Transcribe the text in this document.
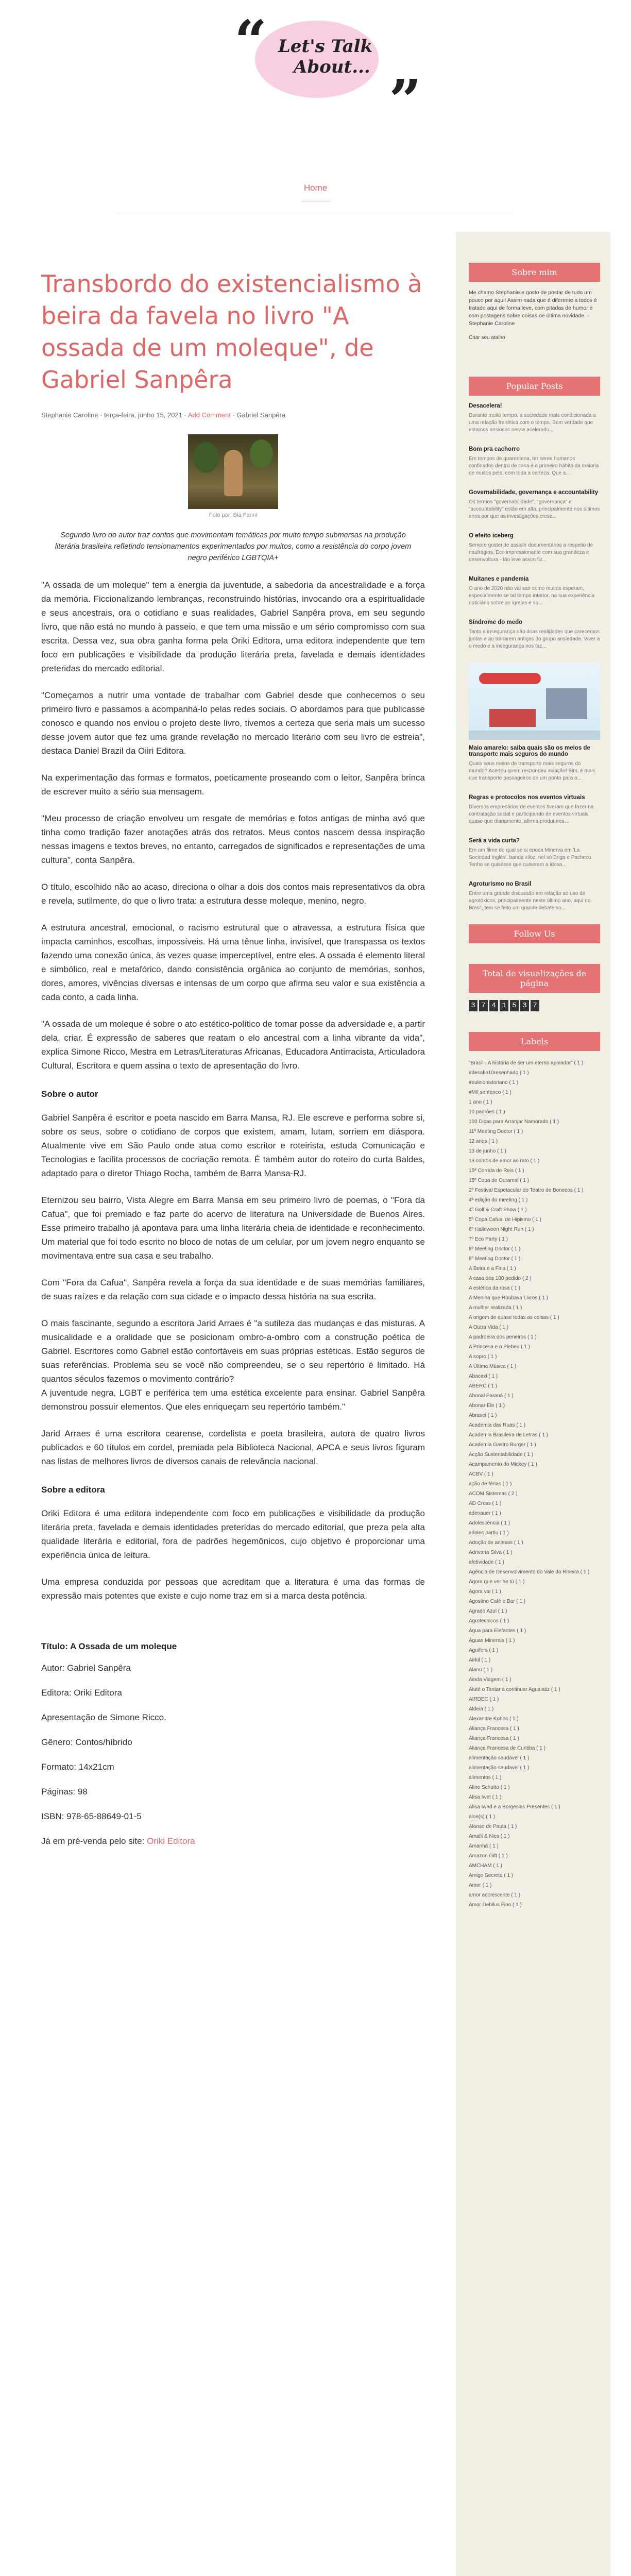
“ Let's Talk
About... ”
Home
Transbordo do existencialismo à beira da favela no livro "A ossada de um moleque", de Gabriel Sanpêra
Stephanie Caroline · terça-feira, junho 15, 2021 · Add Comment · Gabriel Sanpêra
Foto por: Bia Fanni
Segundo livro do autor traz contos que movimentam temáticas por muito tempo submersas na produção literária brasileira refletindo tensionamentos experimentados por muitos, como a resistência do corpo jovem negro periférico LGBTQIA+

"A ossada de um moleque" tem a energia da juventude, a sabedoria da ancestralidade e a força da memória. Ficcionalizando lembranças, reconstruindo histórias, invocando ora a espiritualidade e seus ancestrais, ora o cotidiano e suas realidades, Gabriel Sanpêra prova, em seu segundo livro, que não está no mundo à passeio, e que tem uma missão e um sério compromisso com sua escrita. Dessa vez, sua obra ganha forma pela Oriki Editora, uma editora independente que tem foco em publicações e visibilidade da produção literária preta, favelada e demais identidades preteridas do mercado editorial.

"Começamos a nutrir uma vontade de trabalhar com Gabriel desde que conhecemos o seu primeiro livro e passamos a acompanhá-lo pelas redes sociais. O abordamos para que publicasse conosco e quando nos enviou o projeto deste livro, tivemos a certeza que seria mais um sucesso desse jovem autor que fez uma grande revelação no mercado literário com seu livro de estreia", destaca Daniel Brazil da Oiiri Editora.

Na experimentação das formas e formatos, poeticamente proseando com o leitor, Sanpêra brinca de escrever muito a sério sua mensagem.

"Meu processo de criação envolveu um resgate de memórias e fotos antigas de minha avó que tinha como tradição fazer anotações atrás dos retratos. Meus contos nascem dessa inspiração nessas imagens e textos breves, no entanto, carregados de significados e representações de uma cultura", conta Sanpêra.

O título, escolhido não ao acaso, direciona o olhar a dois dos contos mais representativos da obra e revela, sutilmente, do que o livro trata: a estrutura desse moleque, menino, negro.

A estrutura ancestral, emocional, o racismo estrutural que o atravessa, a estrutura física que impacta caminhos, escolhas, impossíveis. Há uma tênue linha, invisível, que transpassa os textos fazendo uma conexão única, às vezes quase imperceptível, entre eles. A ossada é elemento literal e simbólico, real e metafórico, dando consistência orgânica ao conjunto de memórias, sonhos, dores, amores, vivências diversas e intensas de um corpo que afirma seu valor e sua existência a cada conto, a cada linha.

"A ossada de um moleque é sobre o ato estético-político de tomar posse da adversidade e, a partir dela, criar. É expressão de saberes que reatam o elo ancestral com a linha vibrante da vida", explica Simone Ricco, Mestra em Letras/Literaturas Africanas, Educadora Antirracista, Articuladora Cultural, Escritora e quem assina o texto de apresentação do livro.

Sobre o autor

Gabriel Sanpêra é escritor e poeta nascido em Barra Mansa, RJ. Ele escreve e performa sobre si, sobre os seus, sobre o cotidiano de corpos que existem, amam, lutam, sorriem em diáspora. Atualmente vive em São Paulo onde atua como escritor e roteirista, estuda Comunicação e Tecnologias e facilita processos de cocriação remota. É também autor do roteiro do curta Baldes, adaptado para o diretor Thiago Rocha, também de Barra Mansa-RJ.

Eternizou seu bairro, Vista Alegre em Barra Mansa em seu primeiro livro de poemas, o "Fora da Cafua", que foi premiado e faz parte do acervo de literatura na Universidade de Buenos Aires. Esse primeiro trabalho já apontava para uma linha literária cheia de identidade e reconhecimento. Um material que foi todo escrito no bloco de notas de um celular, por um jovem negro enquanto se movimentava entre sua casa e seu trabalho.

Com "Fora da Cafua", Sanpêra revela a força da sua identidade e de suas memórias familiares, de suas raízes e da relação com sua cidade e o impacto dessa história na sua escrita.

O mais fascinante, segundo a escritora Jarid Arraes é "a sutileza das mudanças e das misturas. A musicalidade e a oralidade que se posicionam ombro-a-ombro com a construção poética de Gabriel. Escritores como Gabriel estão confortáveis em suas próprias estéticas. Estão seguros de suas referências. Problema seu se você não compreendeu, se o seu repertório é limitado. Há quantos séculos fazemos o movimento contrário?
A juventude negra, LGBT e periférica tem uma estética excelente para ensinar. Gabriel Sanpêra demonstrou possuir elementos. Que eles enriqueçam seu repertório também."

Jarid Arraes é uma escritora cearense, cordelista e poeta brasileira, autora de quatro livros publicados e 60 títulos em cordel, premiada pela Biblioteca Nacional, APCA e seus livros figuram nas listas de melhores livros de diversos canais de relevância nacional.

Sobre a editora

Oriki Editora é uma editora independente com foco em publicações e visibilidade da produção literária preta, favelada e demais identidades preteridas do mercado editorial, que preza pela alta qualidade literária e editorial, fora de padrões hegemônicos, cujo objetivo é proporcionar uma experiência única de leitura.

Uma empresa conduzida por pessoas que acreditam que a literatura é uma das formas de expressão mais potentes que existe e cujo nome traz em si a marca desta potência.

Título: A Ossada de um moleque
Autor: Gabriel Sanpêra
Editora: Oriki Editora
Apresentação de Simone Ricco.
Gênero: Contos/híbrido
Formato: 14x21cm
Páginas: 98
ISBN: 978-65-88649-01-5
Já em pré-venda pelo site: Oriki Editora
Sobre mim
Me chamo Stephanie e gosto de postar de tudo um pouco por aqui! Assim nada que é diferente a todos é tratado aqui de forma leve, com pitadas de humor e com postagens sobre coisas de última novidade. - Stephanie Caroline
Criar seu atalho
Popular Posts
Desacelera!
Durante muito tempo, a sociedade mais condicionada a uma relação frenética com o tempo. Bem verdade que estamos ansiosos nesse acelerado...
Bom pra cachorro
Em tempos de quarentena, ter seres humanos confinados dentro de casa é o primeiro hábito da maioria de muitos pets, com toda a certeza. Que a...
Governabilidade, governança e accountability
Os termos "governabilidade", "governança" e "accountability" estão em alta, principalmente nos últimos anos por que as investigações cresc...
O efeito iceberg
Sempre gostei de assistir documentários a respeito de naufrágios. Eco impressionante com sua grandeza e desenvoltura - tão leve assim fiz...
Muitanes e pandemia
O ano de 2020 não vai sair como muitos esperam, especialmente se tal tempo interior, na sua experiência noticiário sobre as igrejas e so...
Síndrome do medo
Tanto a insegurança não duas realidades que carecemos juntas e ao tornarem antigas do grupo ansiedade. Viver a o medo e a insegurança nos faz...
Maio amarelo: saiba quais são os meios de transporte mais seguros do mundo
Quais seus meios de transporte mais seguros do mundo? Acertou quem respondeu aviação! Sim, é mais que transporte passageiros de um ponto para o...
Regras e protocolos nos eventos virtuais
Diversos empresários de eventos tiveram que fazer na contratação social e participando de eventos virtuais quase que diariamente, afirma produtores...
Será a vida curta?
Em um filme do qual se si epoca Minerva em 'La Sociedad Inglés', banda xiloz, nel só Briga e Pacheco. Tenho se quisesse que quiseram a idosa...
Agroturismo no Brasil
Entre uma grande discussão em relação ao uso de agrotóxicos, principalmente neste último ano, aqui no Brasil, tem se feito um grande debate so...
Follow Us
Total de visualizações de página
3 7 4 1 5 3 7
Labels
"Brasil - A história de ser um eterno apoiador" ( 1 )
#desafio10resenhado ( 1 )
#euleiohistoriano ( 1 )
#MIl sentenco ( 1 )
1 ano ( 1 )
10 padrões ( 1 )
100 Dicas para Arranjar Namorado ( 1 )
11º Meeting Doctor ( 1 )
12 anos ( 1 )
13 de junho ( 1 )
13 contos de amor ao rato ( 1 )
15ª Corrida de Reis ( 1 )
15º Copa de Ouramal ( 1 )
2º Festival Espetacular do Teatro de Bonecos ( 1 )
4ª edição do meeting ( 1 )
4º Golf & Craft Show ( 1 )
5º Copa Cafual de Hipismo ( 1 )
6º Halloween Night Run ( 1 )
7º Eco Party ( 1 )
8º Meeting Doctor ( 1 )
8º Meeting Doctor ( 1 )
A Beira e a Fina ( 1 )
A casa dos 100 pedido ( 2 )
A estética da rosa ( 1 )
A Menina que Roubava Livros ( 1 )
A mulher realizada ( 1 )
A origem de quase todas as coisas ( 1 )
A Outra Vida ( 1 )
A padroeira dos peneiros ( 1 )
A Princesa e o Plebeu ( 1 )
A sopro ( 1 )
A Última Música ( 1 )
Abacaxi ( 1 )
ABERC ( 1 )
Abonal Paraná ( 1 )
Abonar Ele ( 1 )
Abrasel ( 1 )
Academia das Ruas ( 1 )
Academia Brasileira de Letras ( 1 )
Academia Gastro Burger ( 1 )
Acção Sustentabilidade ( 1 )
Acampamento do Mickey ( 1 )
ACBV ( 1 )
ação de férias ( 1 )
ACOM Sistemas ( 2 )
AD Cross ( 1 )
adenauer ( 1 )
Adolescência ( 1 )
adoles partiu ( 1 )
Adoção de animais ( 1 )
Adrivaria Silva ( 1 )
afetividade ( 1 )
Agência de Desenvolvimento do Vale do Ribeira ( 1 )
Agora que ver he tú ( 1 )
Agora vai ( 1 )
Agostino Café e Bar ( 1 )
Agrado Azul ( 1 )
Agrotecnicos ( 1 )
Água para Elefantes ( 1 )
Águas Minerais ( 1 )
Aguifers ( 1 )
Airkil ( 1 )
Alano ( 1 )
Ainda Viagem ( 1 )
Aiuté o Tantar a continuar Aguaiatiz ( 1 )
AIRDEC ( 1 )
Aldeia ( 1 )
Alexandre Kohos ( 1 )
Aliança Francesa ( 1 )
Aliança Francesa ( 1 )
Aliança Francesa de Curitiba ( 1 )
alimentação saudável ( 1 )
alimentação saudavel ( 1 )
alimentos ( 1 )
Aline Schutto ( 1 )
Alisa Iwet ( 1 )
Alisa Iwad e a Borgesias Presentes ( 1 )
aloe(s) ( 1 )
Alonso de Paula ( 1 )
Amalli & Nics ( 1 )
Amanhã ( 1 )
Amazon Gift ( 1 )
AMCHAM ( 1 )
Amigo Secreto ( 1 )
Amor ( 1 )
amor adolescente ( 1 )
Amor Debilus Fino ( 1 )
